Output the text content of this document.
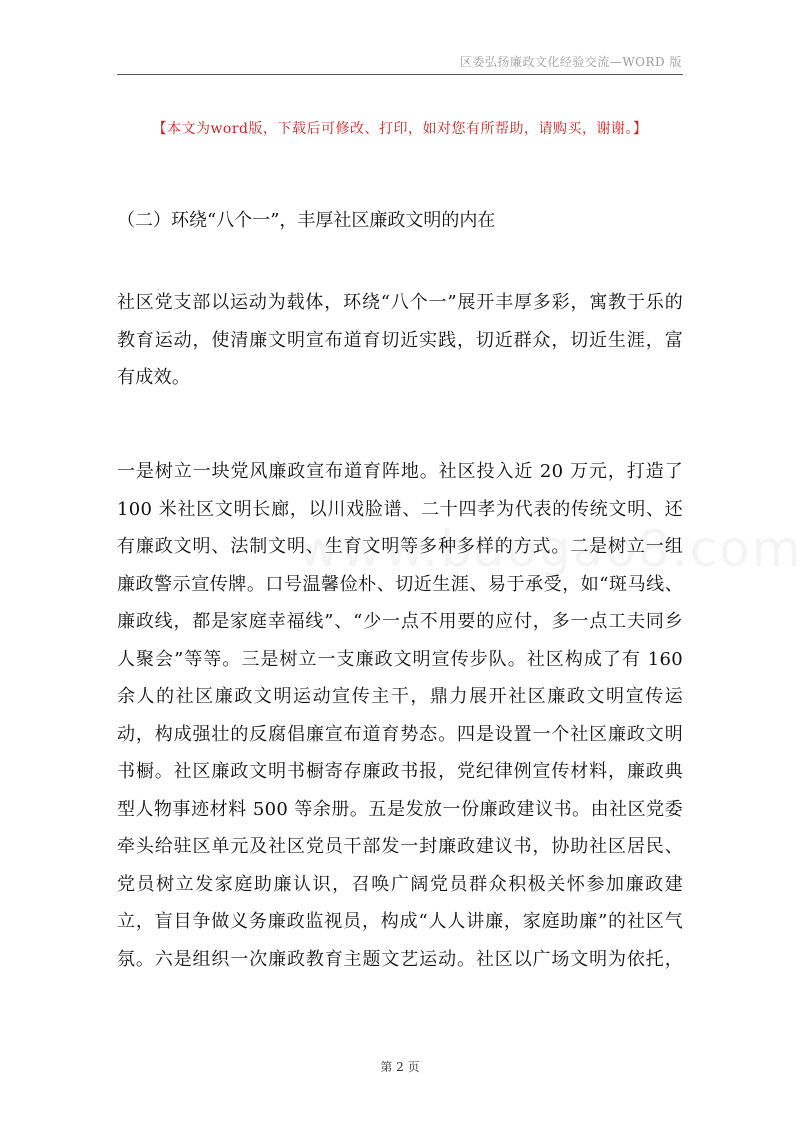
区委弘扬廉政文化经验交流—WORD 版
【本文为word版，下载后可修改、打印，如对您有所帮助，请购买，谢谢。】
（二）环绕“八个一”，丰厚社区廉政文明的内在
社区党支部以运动为载体，环绕“八个一”展开丰厚多彩，寓教于乐的
教育运动，使清廉文明宣布道育切近实践，切近群众，切近生涯，富
有成效。
一是树立一块党风廉政宣布道育阵地。社区投入近 20 万元，打造了
100 米社区文明长廊，以川戏脸谱、二十四孝为代表的传统文明、还
有廉政文明、法制文明、生育文明等多种多样的方式。二是树立一组
廉政警示宣传牌。口号温馨俭朴、切近生涯、易于承受，如“斑马线、
廉政线，都是家庭幸福线”、“少一点不用要的应付，多一点工夫同乡
人聚会”等等。三是树立一支廉政文明宣传步队。社区构成了有 160
余人的社区廉政文明运动宣传主干，鼎力展开社区廉政文明宣传运
动，构成强壮的反腐倡廉宣布道育势态。四是设置一个社区廉政文明
书橱。社区廉政文明书橱寄存廉政书报，党纪律例宣传材料，廉政典
型人物事迹材料 500 等余册。五是发放一份廉政建议书。由社区党委
牵头给驻区单元及社区党员干部发一封廉政建议书，协助社区居民、
党员树立发家庭助廉认识，召唤广阔党员群众积极关怀参加廉政建
立，盲目争做义务廉政监视员，构成“人人讲廉，家庭助廉”的社区气
氛。六是组织一次廉政教育主题文艺运动。社区以广场文明为依托，
第 2 页
